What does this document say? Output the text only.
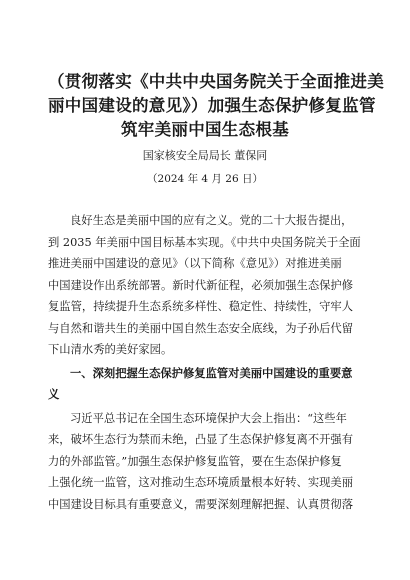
（贯彻落实《中共中央国务院关于全面推进美
丽中国建设的意见》）加强生态保护修复监管
筑牢美丽中国生态根基

国家核安全局局长 董保同

（2024 年 4 月 26 日）

良好生态是美丽中国的应有之义。党的二十大报告提出，
到 2035 年美丽中国目标基本实现。《中共中央国务院关于全面
推进美丽中国建设的意见》（以下简称《意见》）对推进美丽
中国建设作出系统部署。新时代新征程，必须加强生态保护修
复监管，持续提升生态系统多样性、稳定性、持续性，守牢人
与自然和谐共生的美丽中国自然生态安全底线，为子孙后代留
下山清水秀的美好家园。

一、深刻把握生态保护修复监管对美丽中国建设的重要意
义

习近平总书记在全国生态环境保护大会上指出：“这些年
来，破坏生态行为禁而未绝，凸显了生态保护修复离不开强有
力的外部监管。”加强生态保护修复监管，要在生态保护修复
上强化统一监管，这对推动生态环境质量根本好转、实现美丽
中国建设目标具有重要意义，需要深刻理解把握、认真贯彻落
